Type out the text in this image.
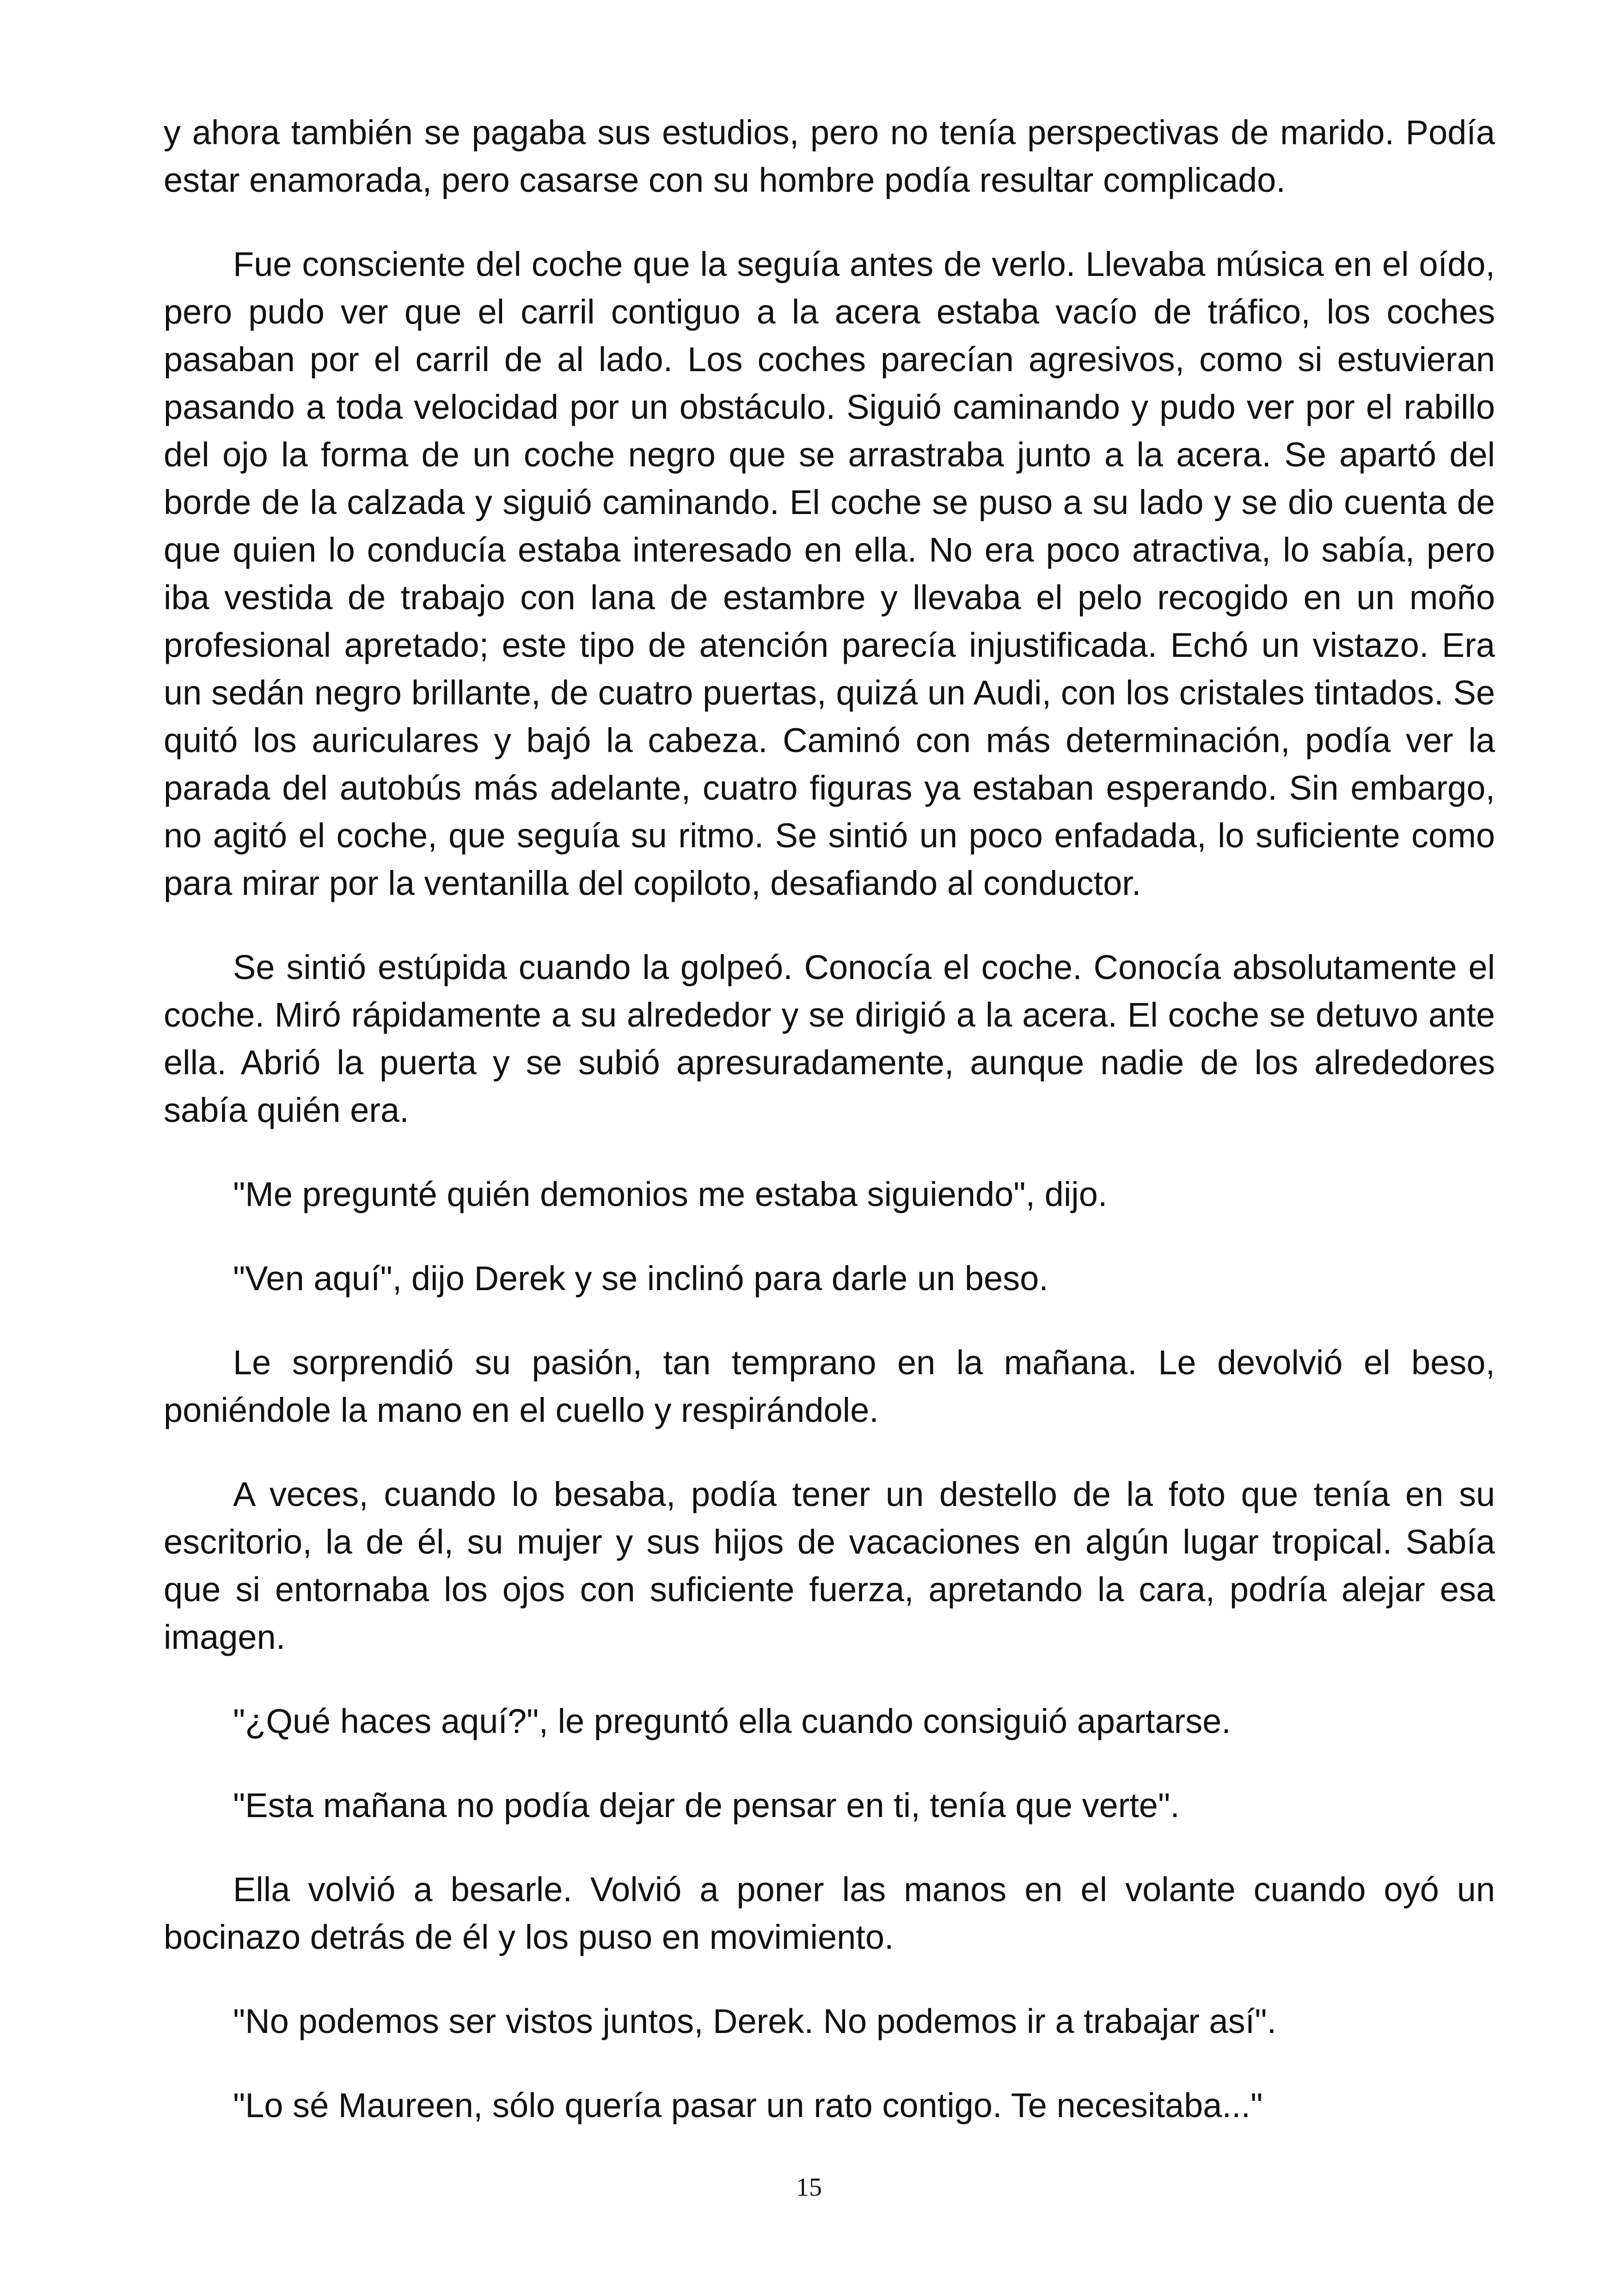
y ahora también se pagaba sus estudios, pero no tenía perspectivas de marido. Podía estar enamorada, pero casarse con su hombre podía resultar complicado.

Fue consciente del coche que la seguía antes de verlo. Llevaba música en el oído, pero pudo ver que el carril contiguo a la acera estaba vacío de tráfico, los coches pasaban por el carril de al lado. Los coches parecían agresivos, como si estuvieran pasando a toda velocidad por un obstáculo. Siguió caminando y pudo ver por el rabillo del ojo la forma de un coche negro que se arrastraba junto a la acera. Se apartó del borde de la calzada y siguió caminando. El coche se puso a su lado y se dio cuenta de que quien lo conducía estaba interesado en ella. No era poco atractiva, lo sabía, pero iba vestida de trabajo con lana de estambre y llevaba el pelo recogido en un moño profesional apretado; este tipo de atención parecía injustificada. Echó un vistazo. Era un sedán negro brillante, de cuatro puertas, quizá un Audi, con los cristales tintados. Se quitó los auriculares y bajó la cabeza. Caminó con más determinación, podía ver la parada del autobús más adelante, cuatro figuras ya estaban esperando. Sin embargo, no agitó el coche, que seguía su ritmo. Se sintió un poco enfadada, lo suficiente como para mirar por la ventanilla del copiloto, desafiando al conductor.

Se sintió estúpida cuando la golpeó. Conocía el coche. Conocía absolutamente el coche. Miró rápidamente a su alrededor y se dirigió a la acera. El coche se detuvo ante ella. Abrió la puerta y se subió apresuradamente, aunque nadie de los alrededores sabía quién era.

"Me pregunté quién demonios me estaba siguiendo", dijo.

"Ven aquí", dijo Derek y se inclinó para darle un beso.

Le sorprendió su pasión, tan temprano en la mañana. Le devolvió el beso, poniéndole la mano en el cuello y respirándole.

A veces, cuando lo besaba, podía tener un destello de la foto que tenía en su escritorio, la de él, su mujer y sus hijos de vacaciones en algún lugar tropical. Sabía que si entornaba los ojos con suficiente fuerza, apretando la cara, podría alejar esa imagen.

"¿Qué haces aquí?", le preguntó ella cuando consiguió apartarse.

"Esta mañana no podía dejar de pensar en ti, tenía que verte".

Ella volvió a besarle. Volvió a poner las manos en el volante cuando oyó un bocinazo detrás de él y los puso en movimiento.

"No podemos ser vistos juntos, Derek. No podemos ir a trabajar así".

"Lo sé Maureen, sólo quería pasar un rato contigo. Te necesitaba..."

15
